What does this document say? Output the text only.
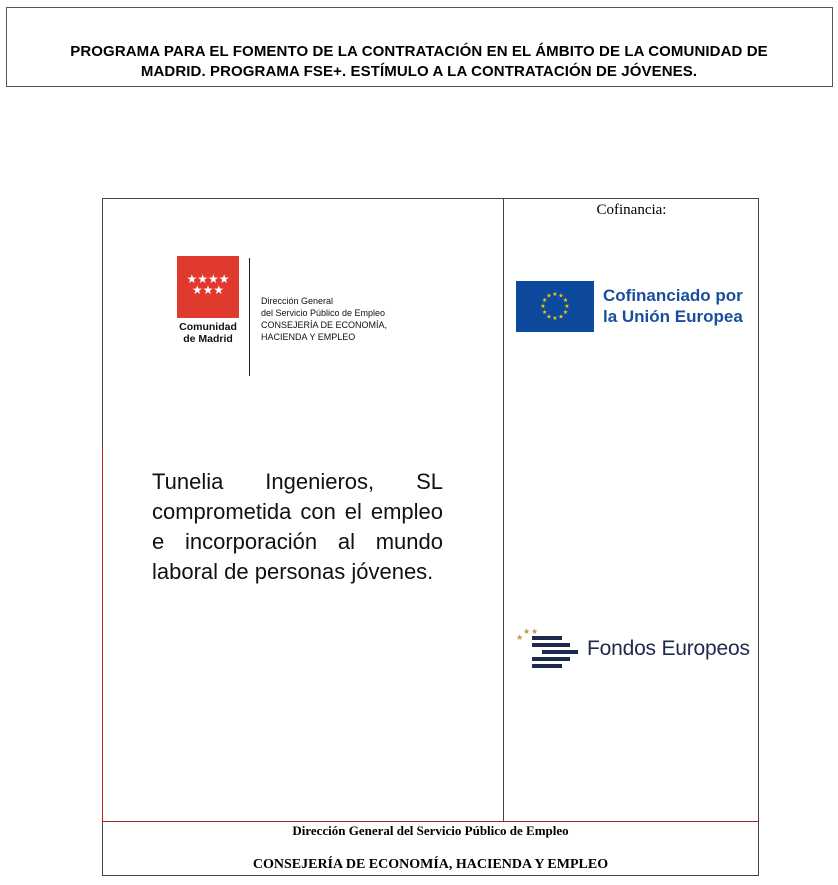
PROGRAMA PARA EL FOMENTO DE LA CONTRATACIÓN EN EL ÁMBITO DE LA COMUNIDAD DE
MADRID. PROGRAMA FSE+. ESTÍMULO A LA CONTRATACIÓN DE JÓVENES.
Cofinancia:
★★★★
★★★
Comunidad
de Madrid
Dirección General
del Servicio Público de Empleo
CONSEJERÍA DE ECONOMÍA,
HACIENDA Y EMPLEO
★ ★
★
★
★
★
★
★
★
★
★
★	Cofinanciado por
la Unión Europea
★
★ ★
Fondos Europeos

Tunelia Ingenieros, SL comprometida con el empleo e incorporación al mundo laboral de personas jóvenes.

Dirección General del Servicio Público de Empleo
CONSEJERÍA DE ECONOMÍA, HACIENDA Y EMPLEO
